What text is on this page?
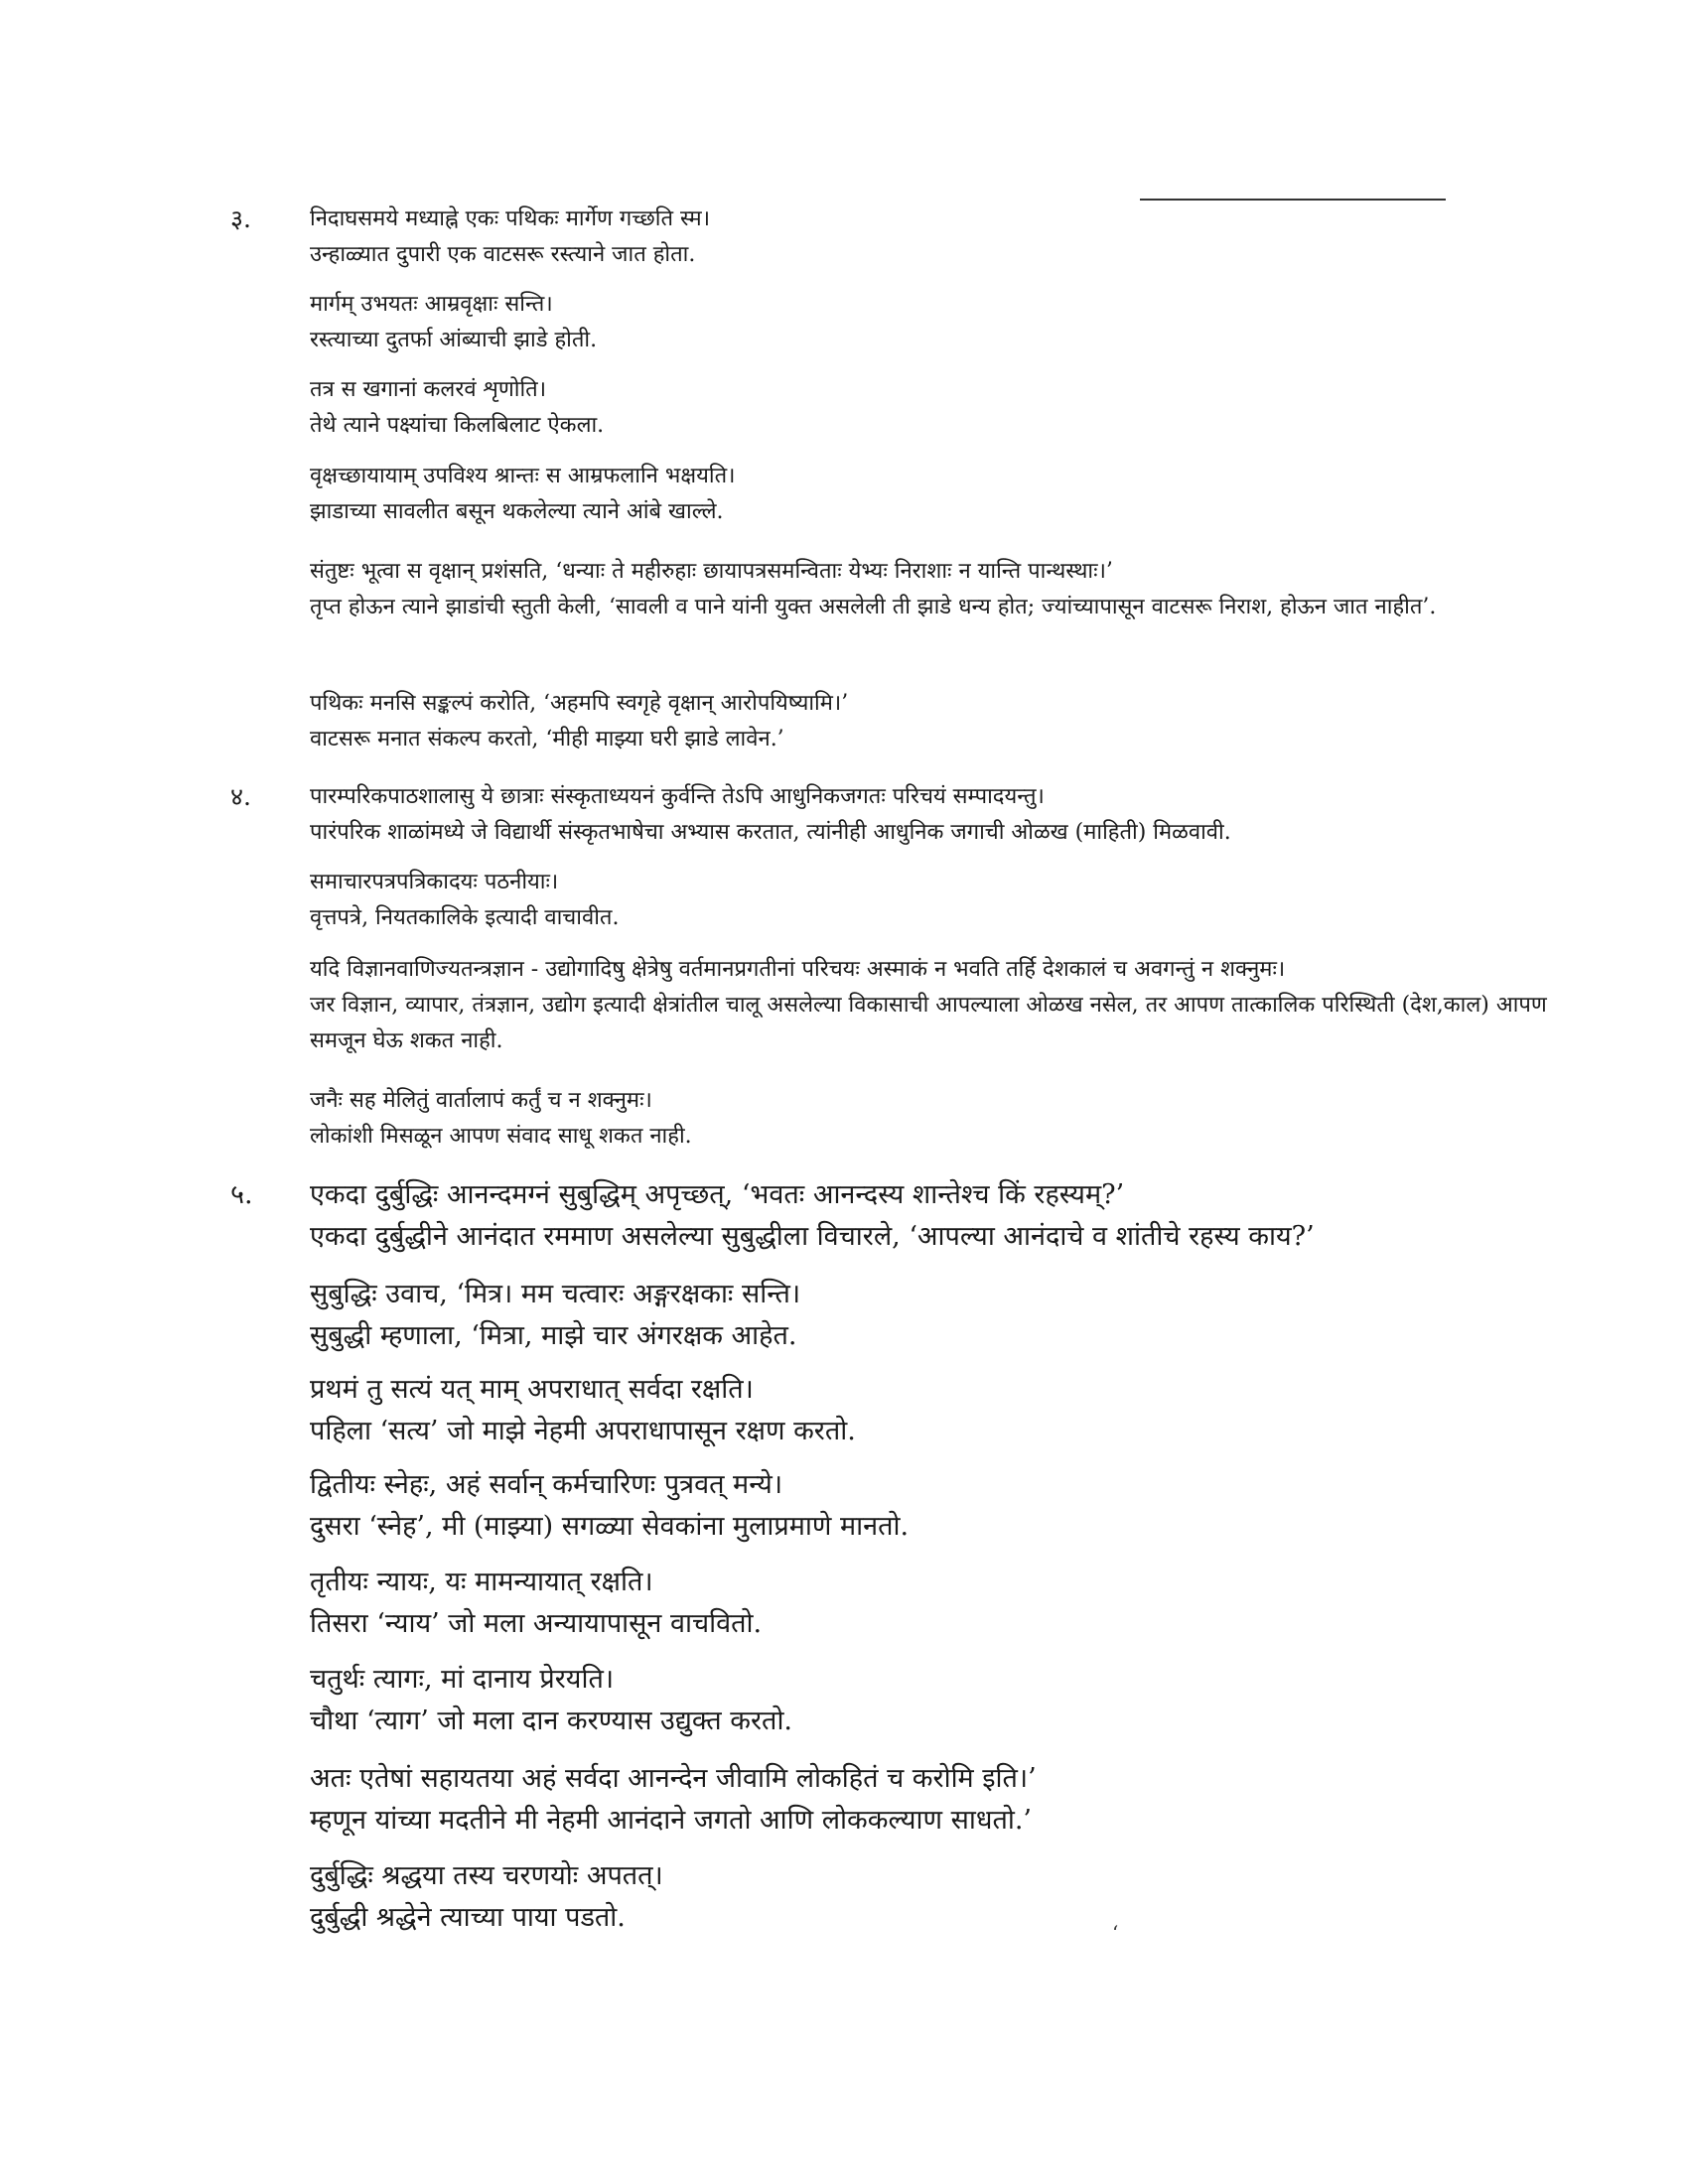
३.	निदाघसमये मध्याह्ने एकः पथिकः मार्गेण गच्छति स्म।

उन्हाळ्यात दुपारी एक वाटसरू रस्त्याने जात होता.

मार्गम् उभयतः आम्रवृक्षाः सन्ति।

रस्त्याच्या दुतर्फा आंब्याची झाडे होती.

तत्र स खगानां कलरवं शृणोति।

तेथे त्याने पक्ष्यांचा किलबिलाट ऐकला.

वृक्षच्छायायाम् उपविश्य श्रान्तः स आम्रफलानि भक्षयति।

झाडाच्या सावलीत बसून थकलेल्या त्याने आंबे खाल्ले.

संतुष्टः भूत्वा स वृक्षान् प्रशंसति, ‘धन्याः ते महीरुहाः छायापत्रसमन्विताः येभ्यः निराशाः न यान्ति पान्थस्थाः।’

तृप्त होऊन त्याने झाडांची स्तुती केली, ‘सावली व पाने यांनी युक्त असलेली ती झाडे धन्य होत; ज्यांच्यापासून वाटसरू निराश, होऊन जात नाहीत’.

पथिकः मनसि सङ्कल्पं करोति, ‘अहमपि स्वगृहे वृक्षान् आरोपयिष्यामि।’

वाटसरू मनात संकल्प करतो, ‘मीही माझ्या घरी झाडे लावेन.’

४.	पारम्परिकपाठशालासु ये छात्राः संस्कृताध्ययनं कुर्वन्ति तेऽपि आधुनिकजगतः परिचयं सम्पादयन्तु।

पारंपरिक शाळांमध्ये जे विद्यार्थी संस्कृतभाषेचा अभ्यास करतात, त्यांनीही आधुनिक जगाची ओळख (माहिती) मिळवावी.

समाचारपत्रपत्रिकादयः पठनीयाः।

वृत्तपत्रे, नियतकालिके इत्यादी वाचावीत.

यदि विज्ञानवाणिज्यतन्त्रज्ञान - उद्योगादिषु क्षेत्रेषु वर्तमानप्रगतीनां परिचयः अस्माकं न भवति तर्हि देशकालं च अवगन्तुं न शक्नुमः।

जर विज्ञान, व्यापार, तंत्रज्ञान, उद्योग इत्यादी क्षेत्रांतील चालू असलेल्या विकासाची आपल्याला ओळख नसेल, तर आपण तात्कालिक परिस्थिती (देश,काल) आपण समजून घेऊ शकत नाही.

जनैः सह मेलितुं वार्तालापं कर्तुं च न शक्नुमः।

लोकांशी मिसळून आपण संवाद साधू शकत नाही.

५. एकदा दुर्बुद्धिः आनन्दमग्नं सुबुद्धिम् अपृच्छत्, ‘भवतः आनन्दस्य शान्तेश्च किं रहस्यम्?’

एकदा दुर्बुद्धीने आनंदात रममाण असलेल्या सुबुद्धीला विचारले, ‘आपल्या आनंदाचे व शांतीचे रहस्य काय?’

सुबुद्धिः उवाच, ‘मित्र। मम चत्वारः अङ्गरक्षकाः सन्ति।

सुबुद्धी म्हणाला, ‘मित्रा, माझे चार अंगरक्षक आहेत.

प्रथमं तु सत्यं यत् माम् अपराधात् सर्वदा रक्षति।

पहिला ‘सत्य’ जो माझे नेहमी अपराधापासून रक्षण करतो.

द्वितीयः स्नेहः, अहं सर्वान् कर्मचारिणः पुत्रवत् मन्ये।

दुसरा ‘स्नेह’, मी (माझ्या) सगळ्या सेवकांना मुलाप्रमाणे मानतो.

तृतीयः न्यायः, यः मामन्यायात् रक्षति।

तिसरा ‘न्याय’ जो मला अन्यायापासून वाचवितो.

चतुर्थः त्यागः, मां दानाय प्रेरयति।

चौथा ‘त्याग’ जो मला दान करण्यास उद्युक्त करतो.

अतः एतेषां सहायतया अहं सर्वदा आनन्देन जीवामि लोकहितं च करोमि इति।’

म्हणून यांच्या मदतीने मी नेहमी आनंदाने जगतो आणि लोककल्याण साधतो.’

दुर्बुद्धिः श्रद्धया तस्य चरणयोः अपतत्।

दुर्बुद्धी श्रद्धेने त्याच्या पाया पडतो.	ʻ
